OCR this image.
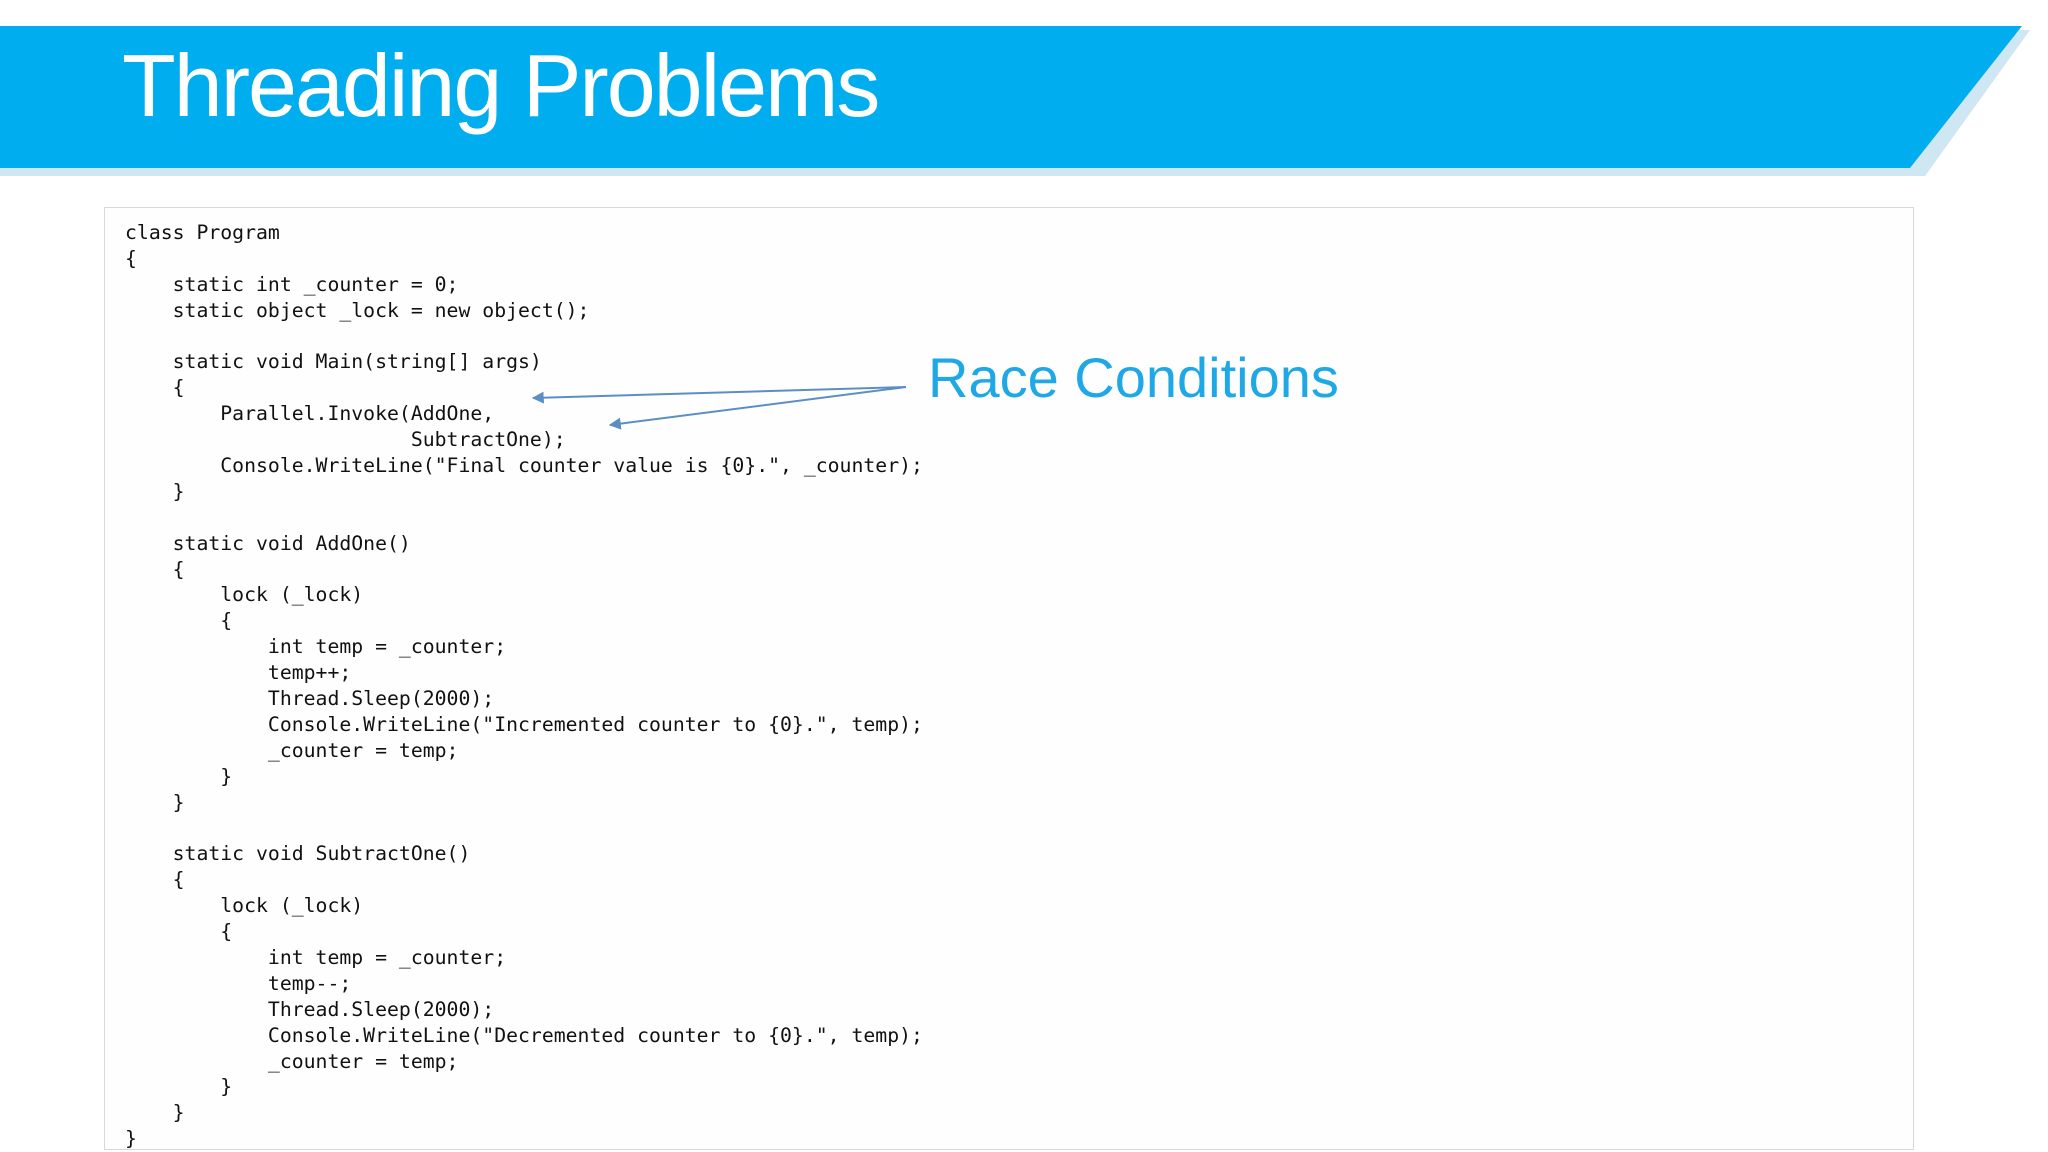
Threading Problems
class Program
{
static int _counter = 0;
static object _lock = new object();
static void Main(string[] args)
{
Parallel.Invoke(AddOne,
SubtractOne);
Console.WriteLine("Final counter value is {0}.", _counter);
}
static void AddOne()
{
lock (_lock)
{
int temp = _counter;
temp++;
Thread.Sleep(2000);
Console.WriteLine("Incremented counter to {0}.", temp);
_counter = temp;
}
}
static void SubtractOne()
{
lock (_lock)
{
int temp = _counter;
temp--;
Thread.Sleep(2000);
Console.WriteLine("Decremented counter to {0}.", temp);
_counter = temp;
}
}
}
Race Conditions
